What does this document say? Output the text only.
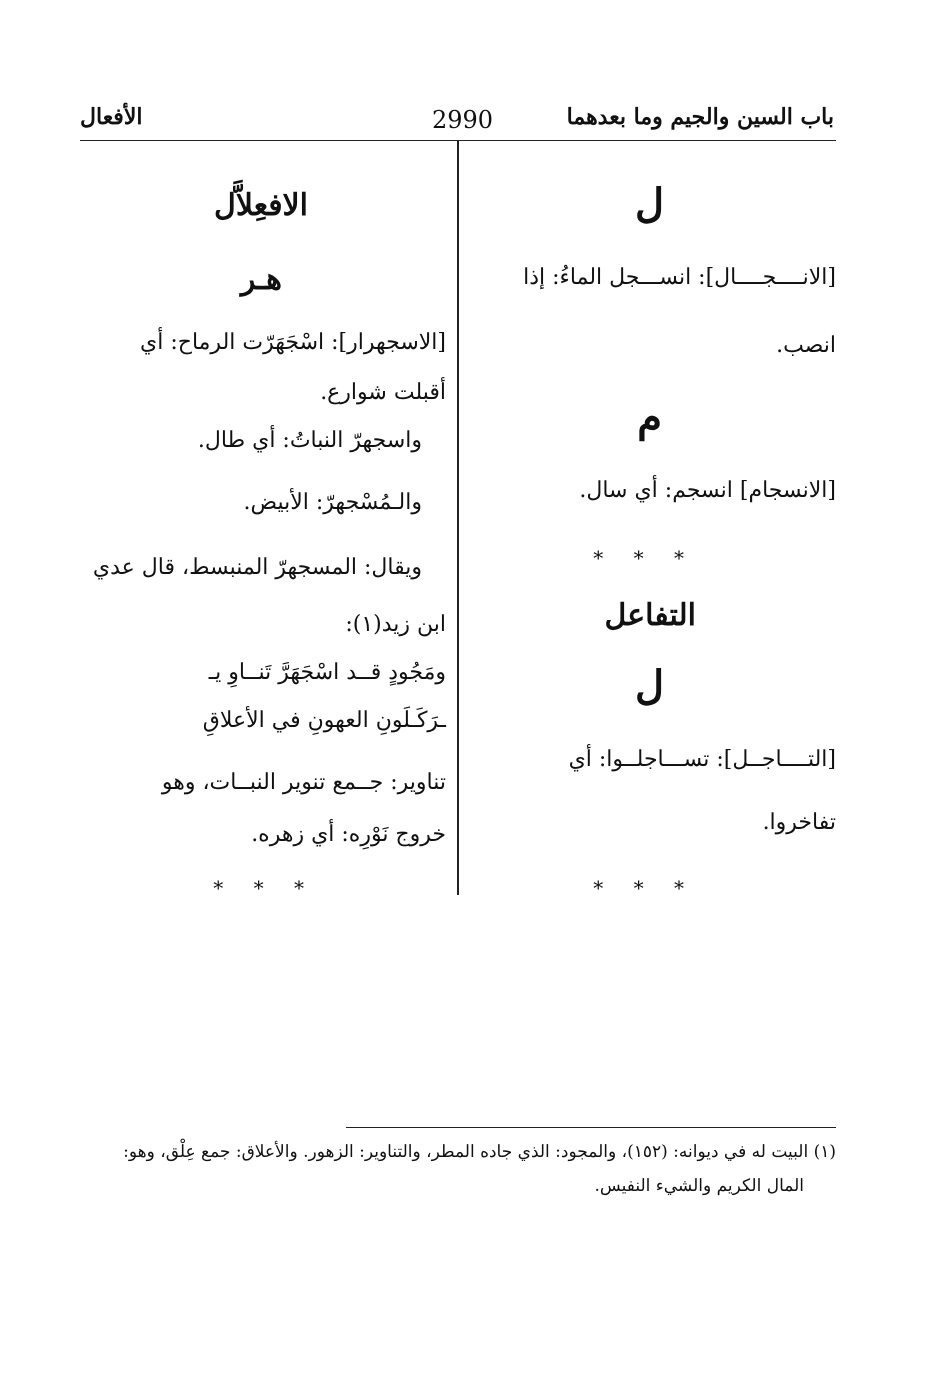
باب السين والجيم وما بعدهما
2990
الأفعال
ل
[الانــــجــــال]: انســـجل الماءُ: إذا
انصب.
م
[الانسجام] انسجم: أي سال.
* * *
التفاعل
ل
[التــــاجــل]: تســـاجلــوا: أي
تفاخروا.
* * *
الافعِلاَّل
هـر
[الاسجهرار]: اسْجَهَرّت الرماح: أي
أقبلت شوارع.
واسجهرّ النباتُ: أي طال.
والـمُسْجهرّ: الأبيض.
ويقال: المسجهرّ المنبسط، قال عدي
ابن زيد(١):
ومَجُودٍ قــد اسْجَهَرَّ تَنــاوِ يـ
ـرَكَـلَونِ العهونِ في الأعلاقِ
تناوير: جــمع تنوير النبــات، وهو
خروج نَوْرِه: أي زهره.
* * *
(١) البيت له في ديوانه: (١٥٢)، والمجود: الذي جاده المطر، والتناوير: الزهور. والأعلاق: جمع عِلْق، وهو:
المال الكريم والشيء النفيس.
